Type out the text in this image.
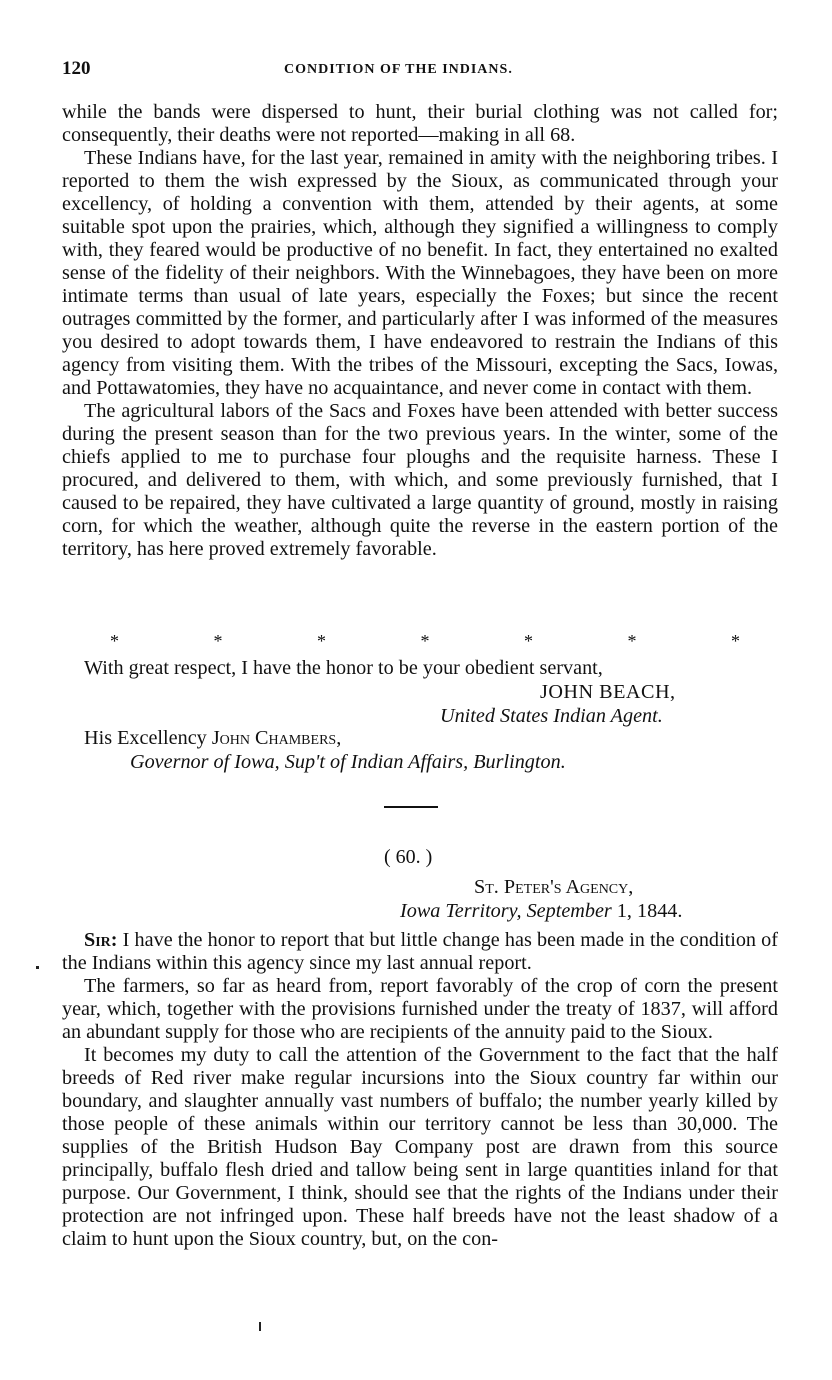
120	CONDITION OF THE INDIANS.

while the bands were dispersed to hunt, their burial clothing was not called for; consequently, their deaths were not reported—making in all 68.

These Indians have, for the last year, remained in amity with the neighboring tribes. I reported to them the wish expressed by the Sioux, as communicated through your excellency, of holding a convention with them, attended by their agents, at some suitable spot upon the prairies, which, although they signified a willingness to comply with, they feared would be productive of no benefit. In fact, they entertained no exalted sense of the fidelity of their neighbors. With the Winnebagoes, they have been on more intimate terms than usual of late years, especially the Foxes; but since the recent outrages committed by the former, and particularly after I was informed of the measures you desired to adopt towards them, I have endeavored to restrain the Indians of this agency from visiting them. With the tribes of the Missouri, excepting the Sacs, Iowas, and Pottawatomies, they have no acquaintance, and never come in contact with them.

The agricultural labors of the Sacs and Foxes have been attended with better success during the present season than for the two previous years. In the winter, some of the chiefs applied to me to purchase four ploughs and the requisite harness. These I procured, and delivered to them, with which, and some previously furnished, that I caused to be repaired, they have cultivated a large quantity of ground, mostly in raising corn, for which the weather, although quite the reverse in the eastern portion of the territory, has here proved extremely favorable.

*	*	*	*	*	*	*
With great respect, I have the honor to be your obedient servant,
JOHN BEACH,
United States Indian Agent.
His Excellency John Chambers,
Governor of Iowa, Sup't of Indian Affairs, Burlington.
( 60. )
St. Peter's Agency,
Iowa Territory, September 1, 1844.

Sir: I have the honor to report that but little change has been made in the condition of the Indians within this agency since my last annual report.

The farmers, so far as heard from, report favorably of the crop of corn the present year, which, together with the provisions furnished under the treaty of 1837, will afford an abundant supply for those who are recipients of the annuity paid to the Sioux.

It becomes my duty to call the attention of the Government to the fact that the half breeds of Red river make regular incursions into the Sioux country far within our boundary, and slaughter annually vast numbers of buffalo; the number yearly killed by those people of these animals within our territory cannot be less than 30,000. The supplies of the British Hudson Bay Company post are drawn from this source principally, buffalo flesh dried and tallow being sent in large quantities inland for that purpose. Our Government, I think, should see that the rights of the Indians under their protection are not infringed upon. These half breeds have not the least shadow of a claim to hunt upon the Sioux country, but, on the con-
